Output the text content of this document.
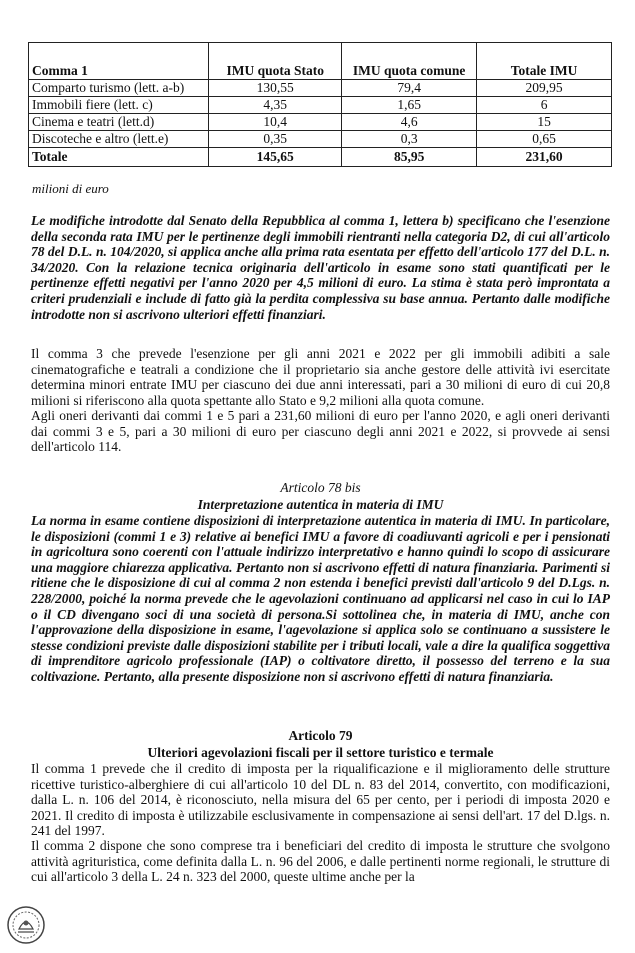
Comma 1	IMU quota Stato	IMU quota comune	Totale IMU
Comparto turismo (lett. a-b)	130,55	79,4	209,95
Immobili fiere (lett. c)	4,35	1,65	6
Cinema e teatri (lett.d)	10,4	4,6	15
Discoteche e altro (lett.e)	0,35	0,3	0,65
Totale	145,65	85,95	231,60
milioni di euro

Le modifiche introdotte dal Senato della Repubblica al comma 1, lettera b) specificano che l'esenzione della seconda rata IMU per le pertinenze degli immobili rientranti nella categoria D2, di cui all'articolo 78 del D.L. n. 104/2020, si applica anche alla prima rata esentata per effetto dell'articolo 177 del D.L. n. 34/2020. Con la relazione tecnica originaria dell'articolo in esame sono stati quantificati per le pertinenze effetti negativi per l'anno 2020 per 4,5 milioni di euro. La stima è stata però improntata a criteri prudenziali e include di fatto già la perdita complessiva su base annua. Pertanto dalle modifiche introdotte non si ascrivono ulteriori effetti finanziari.

Il comma 3 che prevede l'esenzione per gli anni 2021 e 2022 per gli immobili adibiti a sale cinematografiche e teatrali a condizione che il proprietario sia anche gestore delle attività ivi esercitate determina minori entrate IMU per ciascuno dei due anni interessati, pari a 30 milioni di euro di cui 20,8 milioni si riferiscono alla quota spettante allo Stato e 9,2 milioni alla quota comune.

Agli oneri derivanti dai commi 1 e 5 pari a 231,60 milioni di euro per l'anno 2020, e agli oneri derivanti dai commi 3 e 5, pari a 30 milioni di euro per ciascuno degli anni 2021 e 2022, si provvede ai sensi dell'articolo 114.

Articolo 78 bis
Interpretazione autentica in materia di IMU

La norma in esame contiene disposizioni di interpretazione autentica in materia di IMU. In particolare, le disposizioni (commi 1 e 3) relative ai benefici IMU a favore di coadiuvanti agricoli e per i pensionati in agricoltura sono coerenti con l'attuale indirizzo interpretativo e hanno quindi lo scopo di assicurare una maggiore chiarezza applicativa. Pertanto non si ascrivono effetti di natura finanziaria. Parimenti si ritiene che le disposizione di cui al comma 2 non estenda i benefici previsti dall'articolo 9 del D.Lgs. n. 228/2000, poiché la norma prevede che le agevolazioni continuano ad applicarsi nel caso in cui lo IAP o il CD divengano soci di una società di persona.Si sottolinea che, in materia di IMU, anche con l'approvazione della disposizione in esame, l'agevolazione si applica solo se continuano a sussistere le stesse condizioni previste dalle disposizioni stabilite per i tributi locali, vale a dire la qualifica soggettiva di imprenditore agricolo professionale (IAP) o coltivatore diretto, il possesso del terreno e la sua coltivazione. Pertanto, alla presente disposizione non si ascrivono effetti di natura finanziaria.

Articolo 79
Ulteriori agevolazioni fiscali per il settore turistico e termale

Il comma 1 prevede che il credito di imposta per la riqualificazione e il miglioramento delle strutture ricettive turistico-alberghiere di cui all'articolo 10 del DL n. 83 del 2014, convertito, con modificazioni, dalla L. n. 106 del 2014, è riconosciuto, nella misura del 65 per cento, per i periodi di imposta 2020 e 2021. Il credito di imposta è utilizzabile esclusivamente in compensazione ai sensi dell'art. 17 del D.lgs. n. 241 del 1997.

Il comma 2 dispone che sono comprese tra i beneficiari del credito di imposta le strutture che svolgono attività agrituristica, come definita dalla L. n. 96 del 2006, e dalle pertinenti norme regionali, le strutture di cui all'articolo 3 della L. 24 n. 323 del 2000, queste ultime anche per la
